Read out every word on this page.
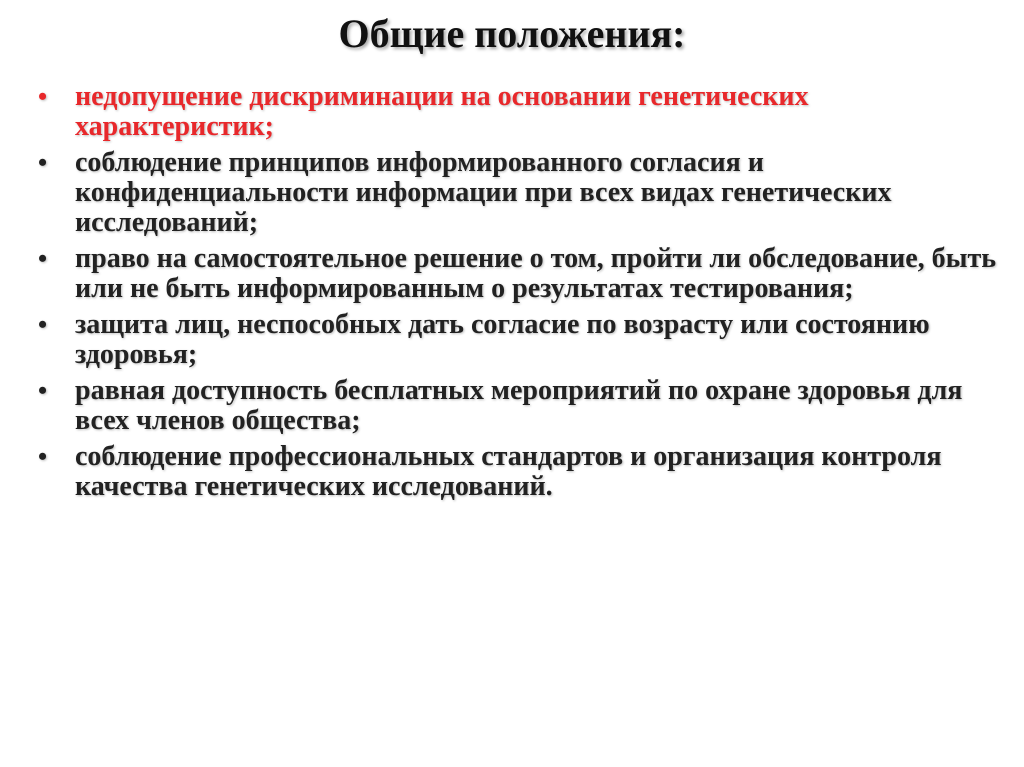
Общие положения:
• недопущение дискриминации на основании генетических характеристик;
• соблюдение принципов информированного согласия и конфиденциальности информации при всех видах генетических исследований;
• право на самостоятельное решение о том, пройти ли обследование, быть или не быть информированным о результатах тестирования;
• защита лиц, неспособных дать согласие по возрасту или состоянию здоровья;
• равная доступность бесплатных мероприятий по охране здоровья для всех членов общества;
• соблюдение профессиональных стандартов и организация контроля качества генетических исследований.
